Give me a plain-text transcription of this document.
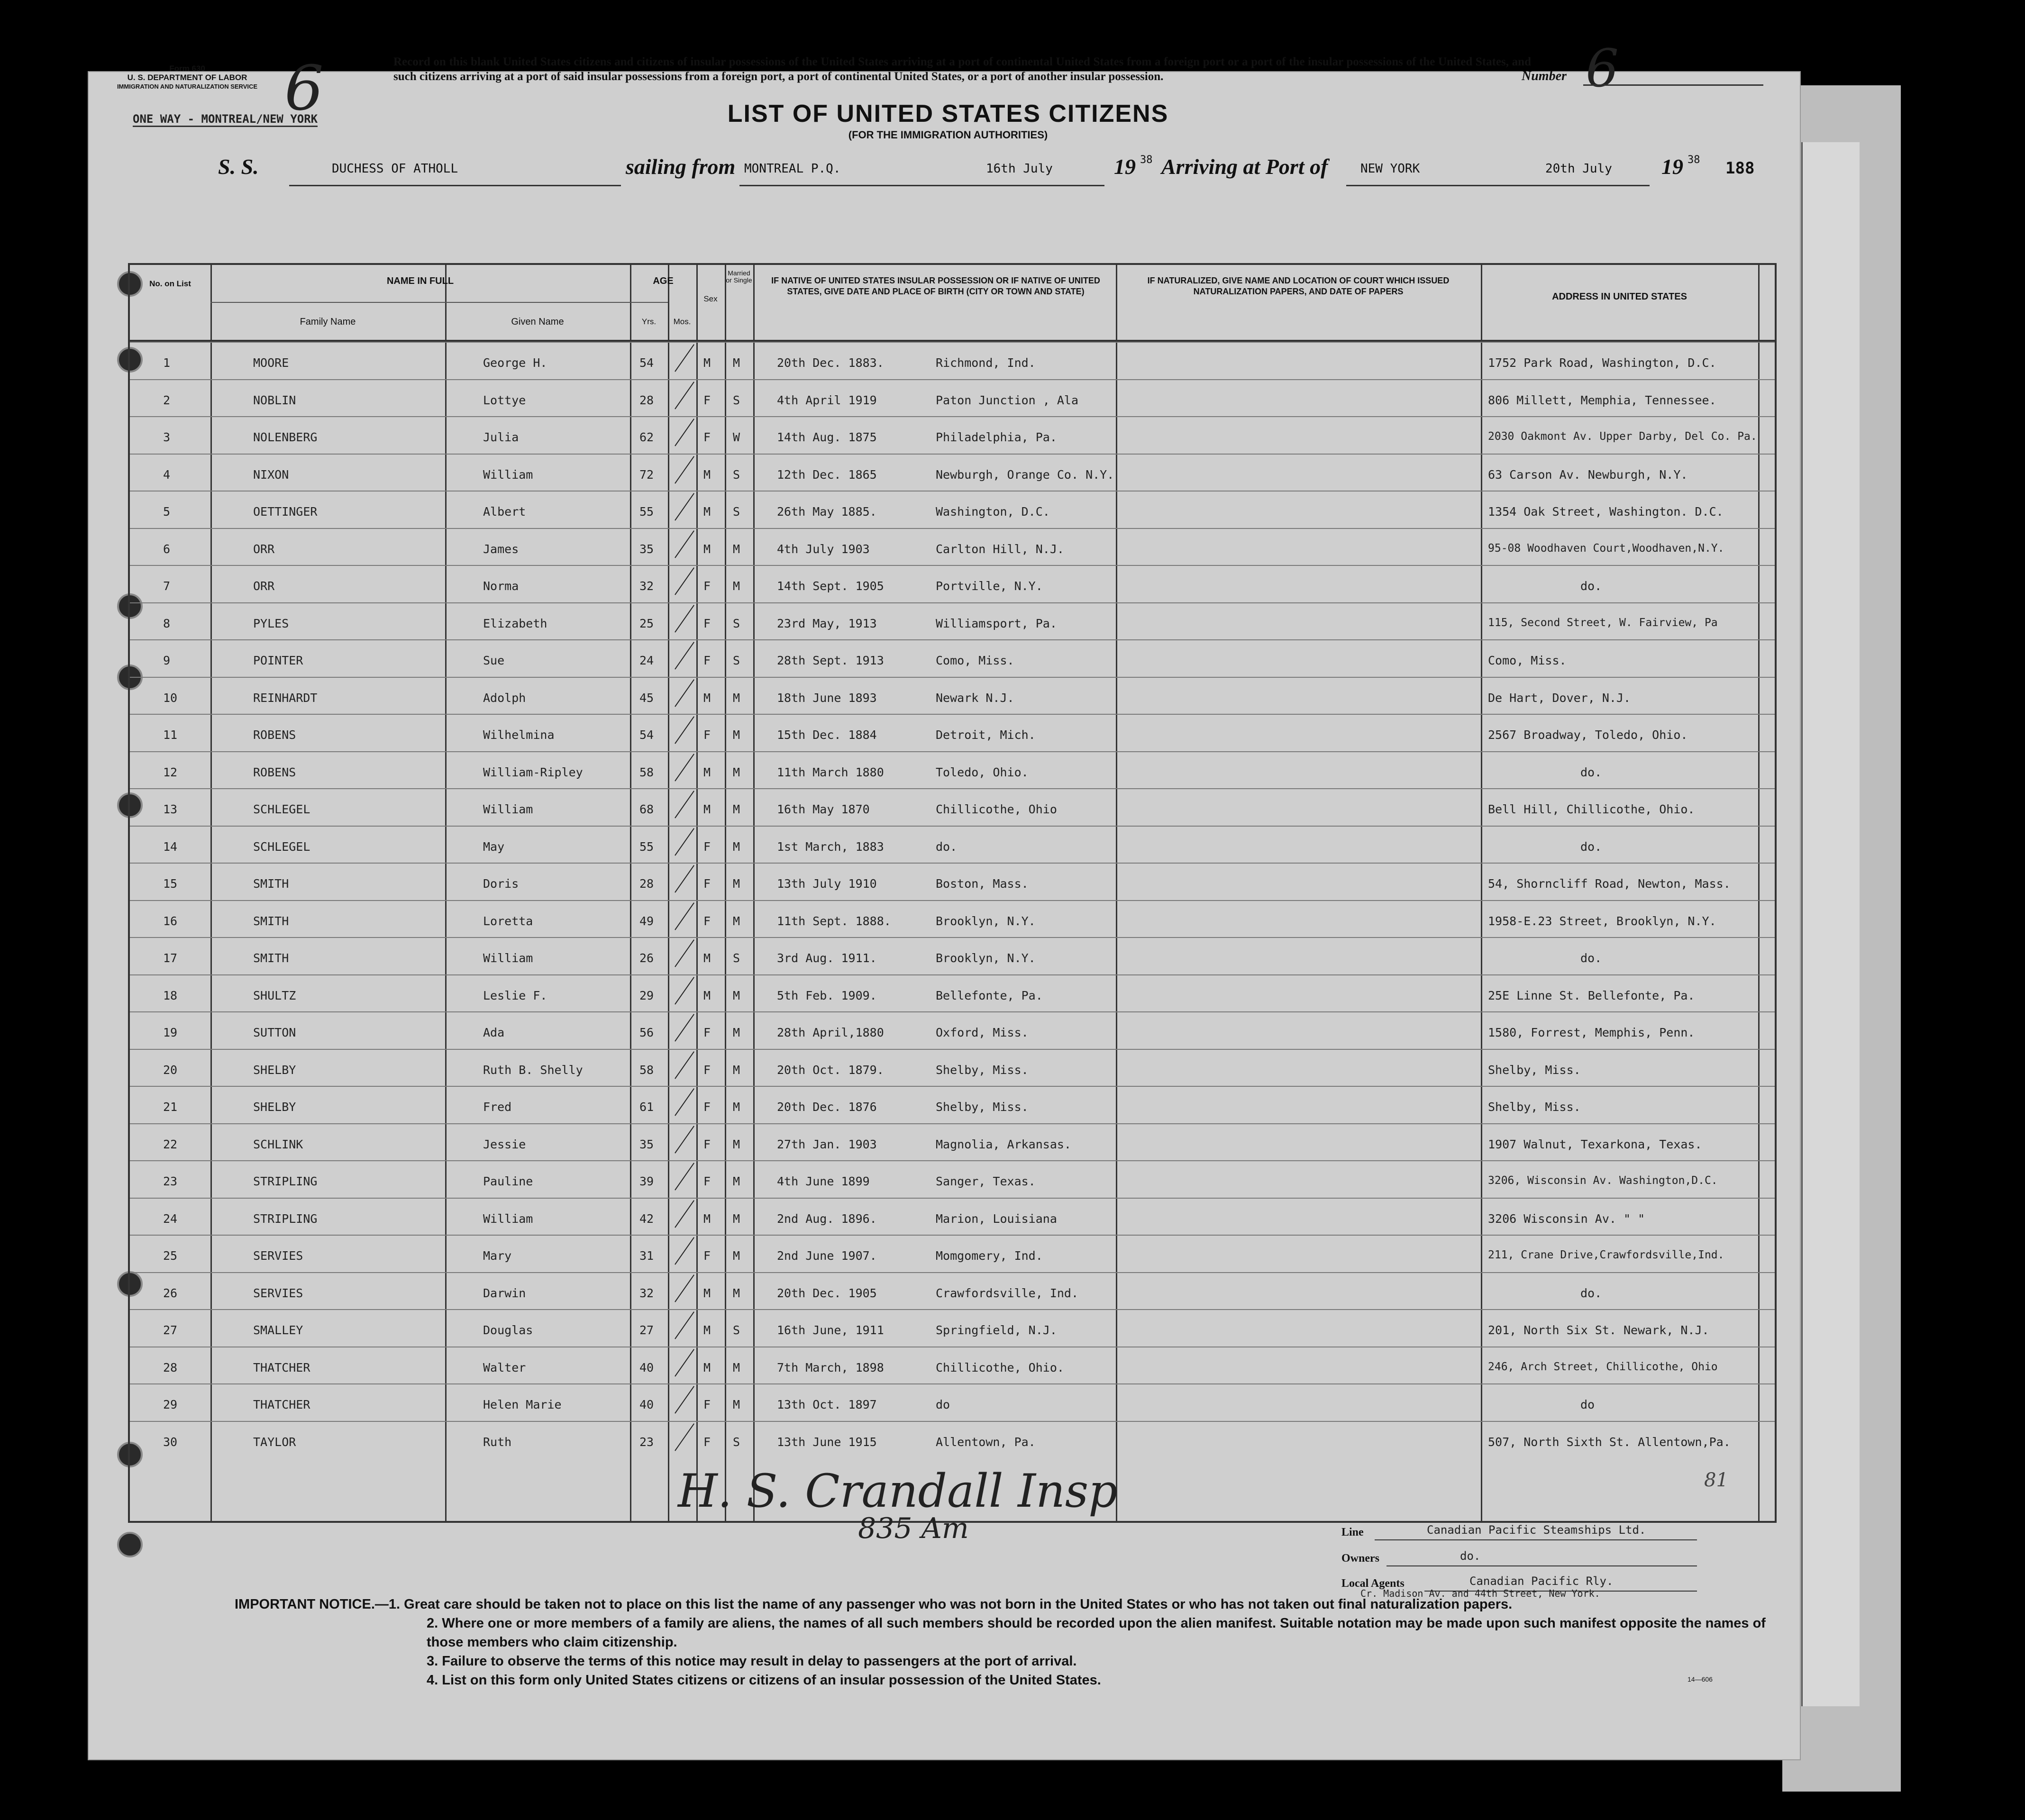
Form 630
U. S. DEPARTMENT OF LABOR
IMMIGRATION AND NATURALIZATION SERVICE 6
ONE WAY - MONTREAL/NEW YORK
Record on this blank United States citizens and citizens of insular possessions of the United States arriving at a port of continental United States from a foreign port or a port of the insular possessions of the United States, and such citizens arriving at a port of said insular possessions from a foreign port, a port of continental United States, or a port of another insular possession.	Number 6
LIST OF UNITED STATES CITIZENS
(FOR THE IMMIGRATION AUTHORITIES)
S. S.	DUCHESS OF ATHOLL	sailing from MONTREAL P.Q.	16th July	19 38 Arriving at Port of	NEW YORK	20th July 19 38 188
No. on List	NAME IN FULL
Family Name	Given Name
AGE
Yrs.	Mos.
Sex
Married or Single	IF NATIVE OF UNITED STATES INSULAR POSSESSION OR IF NATIVE OF UNITED STATES, GIVE DATE AND PLACE OF BIRTH (CITY OR TOWN AND STATE)
IF NATURALIZED, GIVE NAME AND LOCATION OF COURT WHICH ISSUED NATURALIZATION PAPERS, AND DATE OF PAPERS	ADDRESS IN UNITED STATES
1	MOORE	George H.	54	M M	20th Dec. 1883.	Richmond, Ind.	1752 Park Road, Washington, D.C.
2	NOBLIN	Lottye	28	F S	4th April 1919	Paton Junction , Ala	806 Millett, Memphia, Tennessee.
3	NOLENBERG	Julia	62	F W	14th Aug. 1875	Philadelphia, Pa.	2030 Oakmont Av. Upper Darby, Del Co. Pa.
4	NIXON	William	72	M S	12th Dec. 1865	Newburgh, Orange Co. N.Y.	63 Carson Av. Newburgh, N.Y.
5	OETTINGER	Albert	55	M S	26th May 1885.	Washington, D.C.	1354 Oak Street, Washington. D.C.
6	ORR	James	35	M M	4th July 1903	Carlton Hill, N.J.	95-08 Woodhaven Court,Woodhaven,N.Y.
7	ORR	Norma	32	F M	14th Sept. 1905	Portville, N.Y.	do.
8	PYLES	Elizabeth	25	F S	23rd May, 1913	Williamsport, Pa.	115, Second Street, W. Fairview, Pa
9	POINTER	Sue	24	F S	28th Sept. 1913	Como, Miss.	Como, Miss.
10	REINHARDT	Adolph	45	M M	18th June 1893	Newark N.J.	De Hart, Dover, N.J.
11	ROBENS	Wilhelmina	54	F M	15th Dec. 1884	Detroit, Mich.	2567 Broadway, Toledo, Ohio.
12	ROBENS	William-Ripley	58	M M	11th March 1880	Toledo, Ohio.	do.
13	SCHLEGEL	William	68	M M	16th May 1870	Chillicothe, Ohio	Bell Hill, Chillicothe, Ohio.
14	SCHLEGEL	May	55	F M	1st March, 1883	do.	do.
15	SMITH	Doris	28	F M	13th July 1910	Boston, Mass.	54, Shorncliff Road, Newton, Mass.
16	SMITH	Loretta	49	F M	11th Sept. 1888.	Brooklyn, N.Y.	1958-E.23 Street, Brooklyn, N.Y.
17	SMITH	William	26	M S	3rd Aug. 1911.	Brooklyn, N.Y.	do.
18	SHULTZ	Leslie F.	29	M M	5th Feb. 1909.	Bellefonte, Pa.	25E Linne St. Bellefonte, Pa.
19	SUTTON	Ada	56	F M	28th April,1880	Oxford, Miss.	1580, Forrest, Memphis, Penn.
20	SHELBY	Ruth B. Shelly	58	F M	20th Oct. 1879.	Shelby, Miss.	Shelby, Miss.
21	SHELBY	Fred	61	F M	20th Dec. 1876	Shelby, Miss.	Shelby, Miss.
22	SCHLINK	Jessie	35	F M	27th Jan. 1903	Magnolia, Arkansas.	1907 Walnut, Texarkona, Texas.
23	STRIPLING	Pauline	39	F M	4th June 1899	Sanger, Texas.	3206, Wisconsin Av. Washington,D.C.
24	STRIPLING	William	42	M M	2nd Aug. 1896.	Marion, Louisiana	3206 Wisconsin Av. " "
25	SERVIES	Mary	31	F M	2nd June 1907.	Momgomery, Ind.	211, Crane Drive,Crawfordsville,Ind.
26	SERVIES	Darwin	32	M M	20th Dec. 1905	Crawfordsville, Ind.	do.
27	SMALLEY	Douglas	27	M S	16th June, 1911	Springfield, N.J.	201, North Six St. Newark, N.J.
28	THATCHER	Walter	40	M M	7th March, 1898	Chillicothe, Ohio.	246, Arch Street, Chillicothe, Ohio
29	THATCHER	Helen Marie	40	F M	13th Oct. 1897	do	do
30	TAYLOR	Ruth	23	F S	13th June 1915	Allentown, Pa.	507, North Sixth St. Allentown,Pa.
H. S. Crandall Insp
835 Am
81
Line	Canadian Pacific Steamships Ltd.
Owners	do.
Local Agents	Canadian Pacific Rly.
Cr. Madison Av. and 44th Street, New York.
IMPORTANT NOTICE.—1. Great care should be taken not to place on this list the name of any passenger who was not born in the United States or who has not taken out final naturalization papers.
2. Where one or more members of a family are aliens, the names of all such members should be recorded upon the alien manifest. Suitable notation may be made upon such manifest opposite the names of those members who claim citizenship.
3. Failure to observe the terms of this notice may result in delay to passengers at the port of arrival.
4. List on this form only United States citizens or citizens of an insular possession of the United States.	14—606
